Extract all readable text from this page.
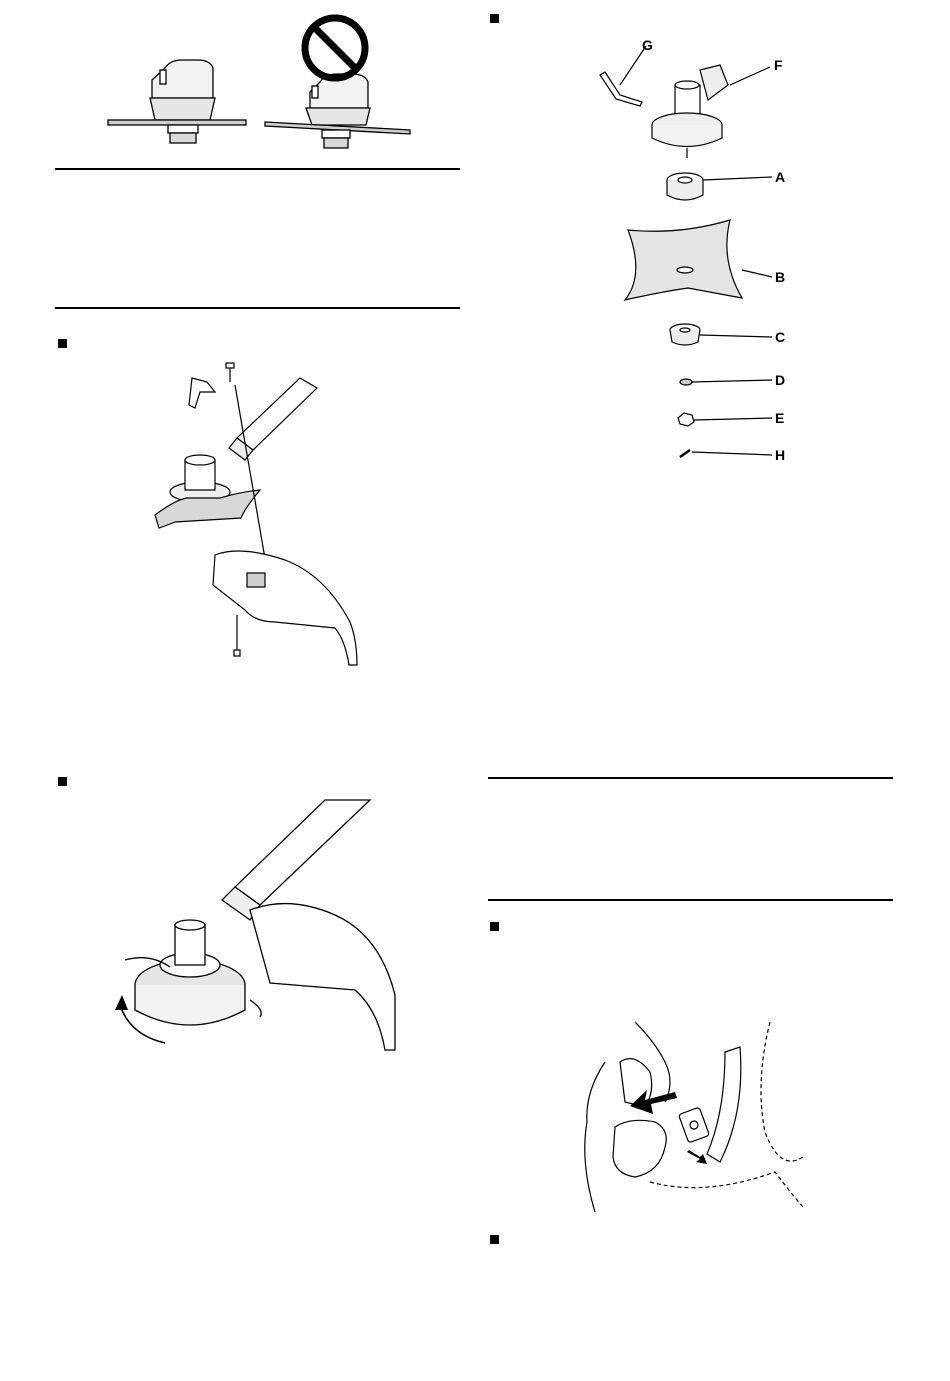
G
F
A
B
C
D
E
H
